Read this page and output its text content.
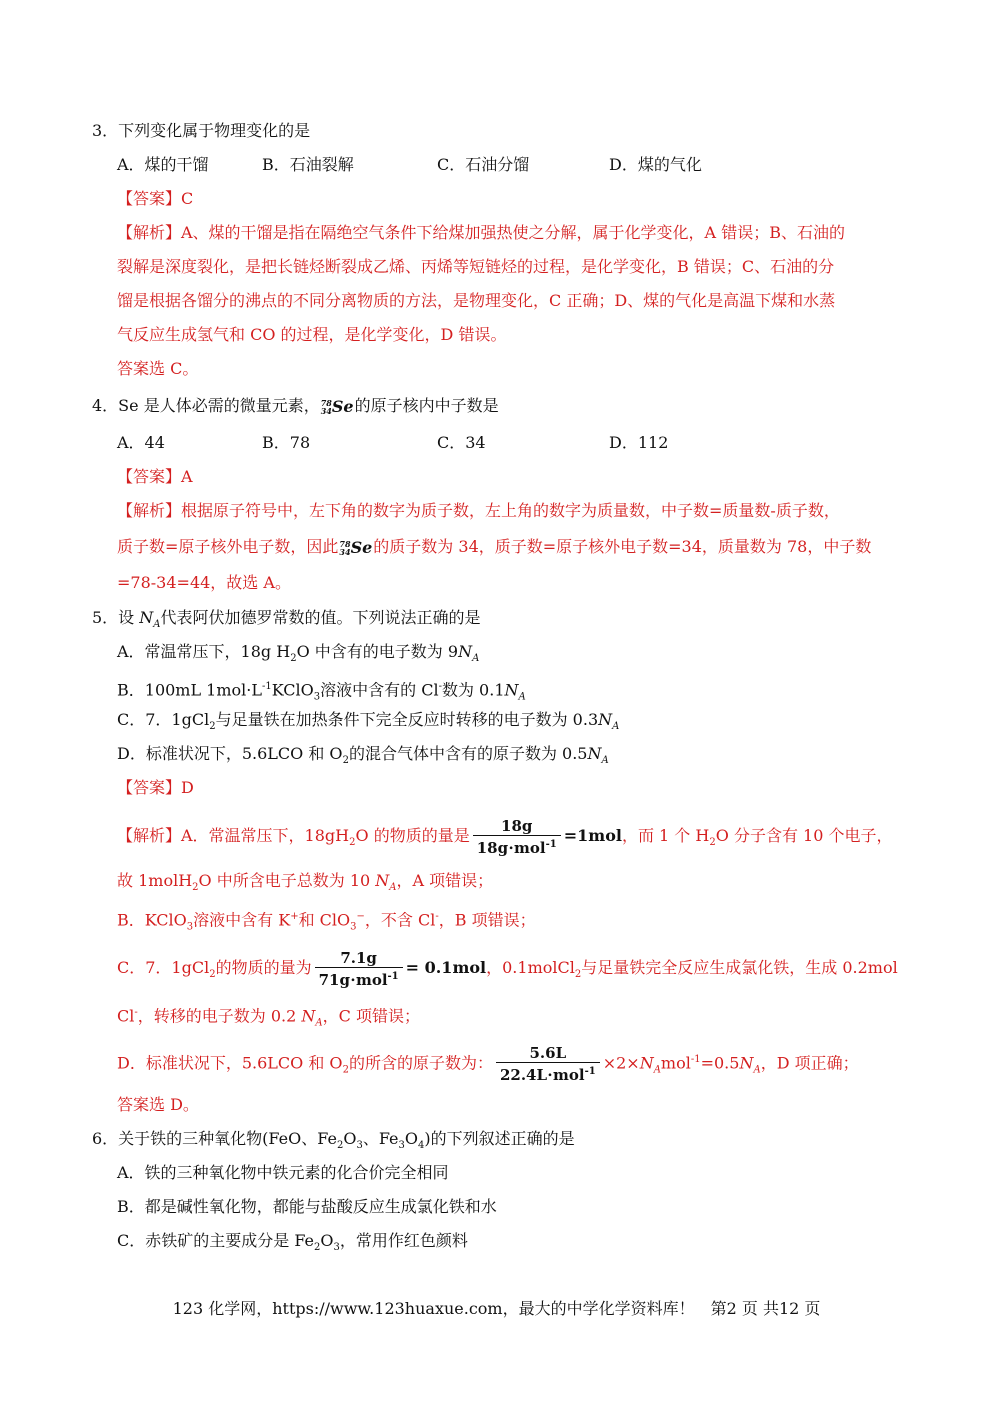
3．下列变化属于物理变化的是
A．煤的干馏	B．石油裂解	C．石油分馏	D．煤的气化
【答案】C
【解析】A、煤的干馏是指在隔绝空气条件下给煤加强热使之分解，属于化学变化，A 错误；B、石油的
裂解是深度裂化，是把长链烃断裂成乙烯、丙烯等短链烃的过程，是化学变化，B 错误；C、石油的分
馏是根据各馏分的沸点的不同分离物质的方法，是物理变化，C 正确；D、煤的气化是高温下煤和水蒸
气反应生成氢气和 CO 的过程，是化学变化，D 错误。
答案选 C。
4．Se 是人体必需的微量元素，78
34Se的原子核内中子数是
A．44	B．78	C．34	D．112
【答案】A
【解析】根据原子符号中，左下角的数字为质子数，左上角的数字为质量数，中子数=质量数-质子数，
质子数=原子核外电子数，因此78
34Se的质子数为 34，质子数=原子核外电子数=34，质量数为 78，中子数
=78-34=44，故选 A。
5．设 $N_A$代表阿伏加德罗常数的值。下列说法正确的是
A．常温常压下，18g $H_2O$ 中含有的电子数为 $9N_A$
B．100mL $1mol\cdot L^{-1}KClO_3$溶液中含有的 Cl-数为 $0.1N_A$
C．7．1gCl$_2$与足量铁在加热条件下完全反应时转移的电子数为 $0.3N_A$
D．标准状况下，5.6LCO 和 $O_2$的混合气体中含有的原子数为 $0.5N_A$
【答案】D
【解析】A．常温常压下，$18gH_2O$ 的物质的量是 $\frac{18g}{18g\cdot mol^{-1}} =1mol$，而 1 个 $H_2O$ 分子含有 10 个电子，
故 1molH$_2$O 中所含电子总数为 10 $N_A$，A 项错误；
B．KClO$_3$溶液中含有 K+和 ClO$_3$−，不含 Cl-，B 项错误；
C．7．1gCl$_2$的物质的量为 $\frac{7.1g}{71g\cdot mol^{-1}} = 0.1mol$，0.1molCl$_2$与足量铁完全反应生成氯化铁，生成 0.2mol
Cl-，转移的电子数为 0.2 $N_A$，C 项错误；
D．标准状况下，5.6LCO 和 $O_2$的所含的原子数为： $\frac{5.6L}{22.4L\cdot mol^{-1}} \times 2\times N_Amol^{-1}=0.5N_A$，D 项正确；
答案选 D。
6．关于铁的三种氧化物(FeO、$Fe_2O_3$、$Fe_3O_4$)的下列叙述正确的是
A．铁的三种氧化物中铁元素的化合价完全相同
B．都是碱性氧化物，都能与盐酸反应生成氯化铁和水
C．赤铁矿的主要成分是 $Fe_2O_3$，常用作红色颜料
123 化学网，https://www.123huaxue.com，最大的中学化学资料库！　第2 页 共12 页
